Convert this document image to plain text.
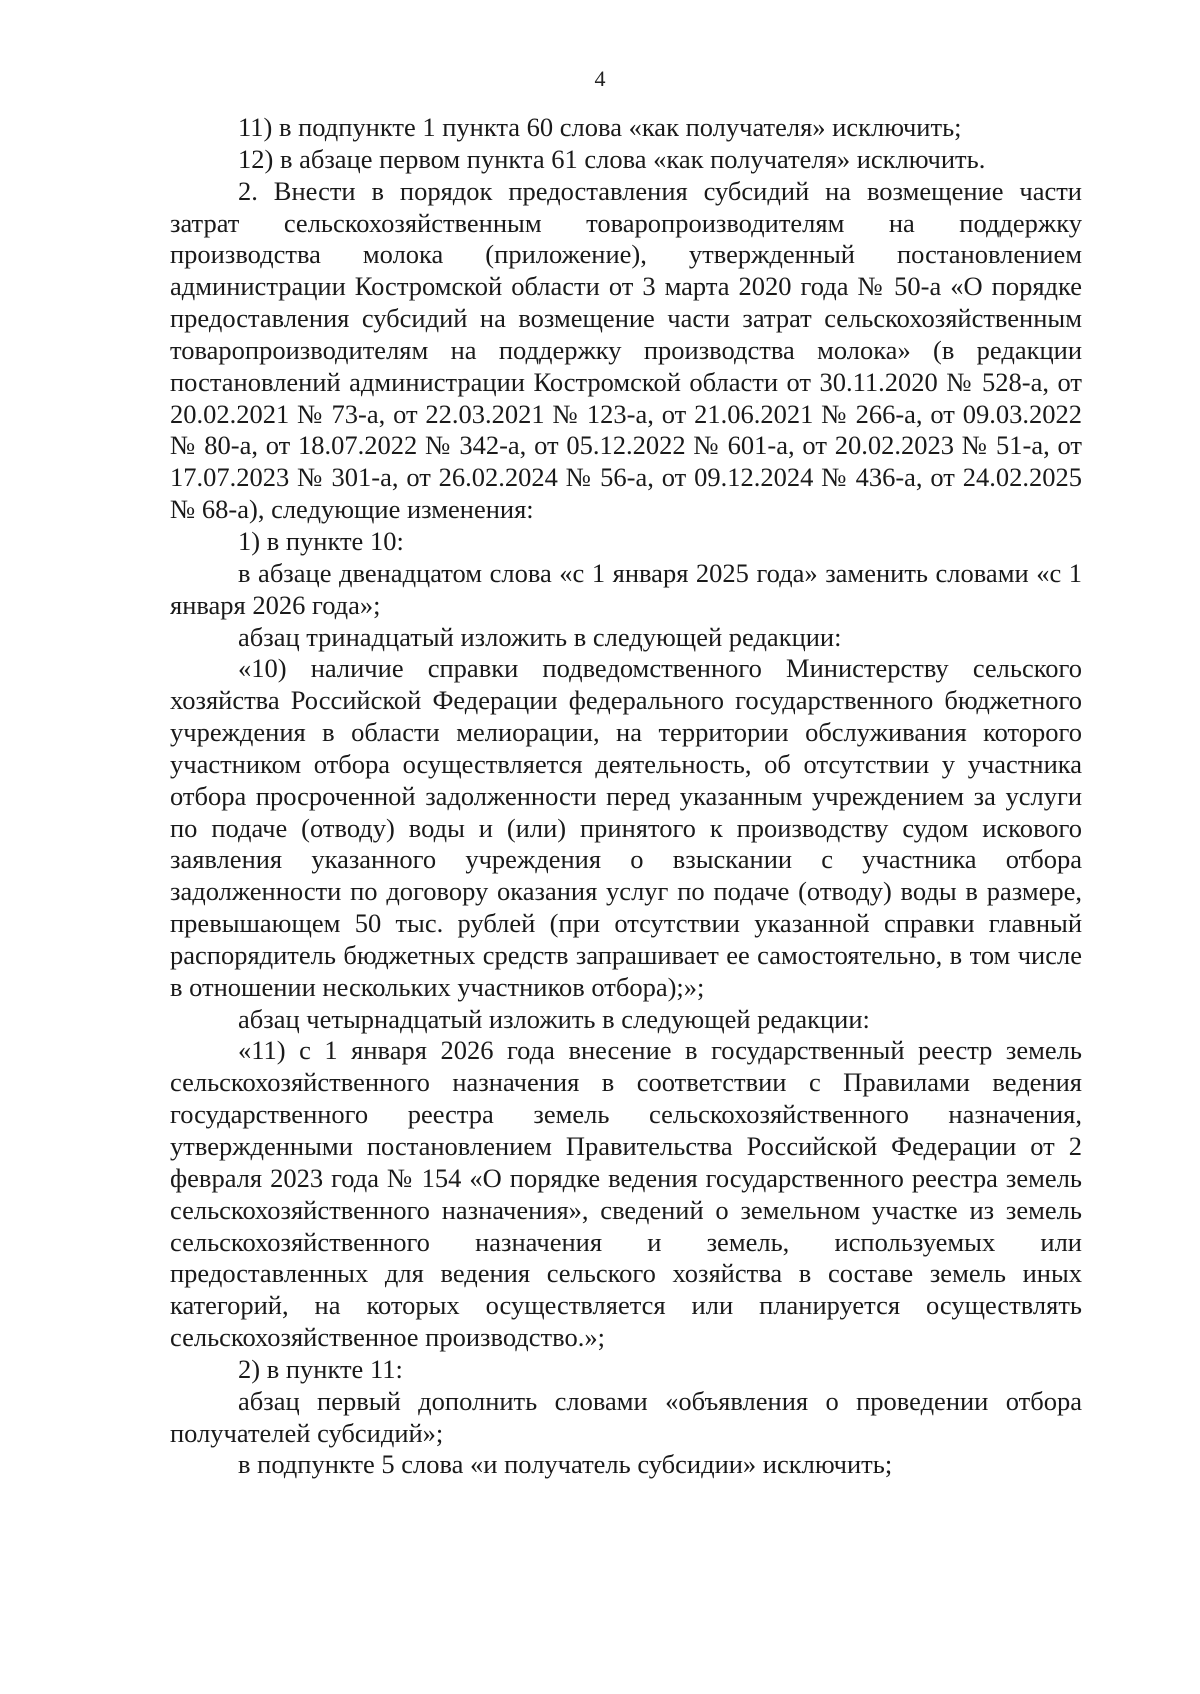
4

11) в подпункте 1 пункта 60 слова «как получателя» исключить;

12) в абзаце первом пункта 61 слова «как получателя» исключить.

2. Внести в порядок предоставления субсидий на возмещение части затрат сельскохозяйственным товаропроизводителям на поддержку производства молока (приложение), утвержденный постановлением администрации Костромской области от 3 марта 2020 года № 50-а «О порядке предоставления субсидий на возмещение части затрат сельскохозяйственным товаропроизводителям на поддержку производства молока» (в редакции постановлений администрации Костромской области от 30.11.2020 № 528-а, от 20.02.2021 № 73-а, от 22.03.2021 № 123-а, от 21.06.2021 № 266-а, от 09.03.2022 № 80-а, от 18.07.2022 № 342-а, от 05.12.2022 № 601-а, от 20.02.2023 № 51-а, от 17.07.2023 № 301-а, от 26.02.2024 № 56-а, от 09.12.2024 № 436-а, от 24.02.2025 № 68-а), следующие изменения:

1) в пункте 10:

в абзаце двенадцатом слова «с 1 января 2025 года» заменить словами «с 1 января 2026 года»;

абзац тринадцатый изложить в следующей редакции:

«10) наличие справки подведомственного Министерству сельского хозяйства Российской Федерации федерального государственного бюджетного учреждения в области мелиорации, на территории обслуживания которого участником отбора осуществляется деятельность, об отсутствии у участника отбора просроченной задолженности перед указанным учреждением за услуги по подаче (отводу) воды и (или) принятого к производству судом искового заявления указанного учреждения о взыскании с участника отбора задолженности по договору оказания услуг по подаче (отводу) воды в размере, превышающем 50 тыс. рублей (при отсутствии указанной справки главный распорядитель бюджетных средств запрашивает ее самостоятельно, в том числе в отношении нескольких участников отбора);»;

абзац четырнадцатый изложить в следующей редакции:

«11) с 1 января 2026 года внесение в государственный реестр земель сельскохозяйственного назначения в соответствии с Правилами ведения государственного реестра земель сельскохозяйственного назначения, утвержденными постановлением Правительства Российской Федерации от 2 февраля 2023 года № 154 «О порядке ведения государственного реестра земель сельскохозяйственного назначения», сведений о земельном участке из земель сельскохозяйственного назначения и земель, используемых или предоставленных для ведения сельского хозяйства в составе земель иных категорий, на которых осуществляется или планируется осуществлять сельскохозяйственное производство.»;

2) в пункте 11:

абзац первый дополнить словами «объявления о проведении отбора получателей субсидий»;

в подпункте 5 слова «и получатель субсидии» исключить;
